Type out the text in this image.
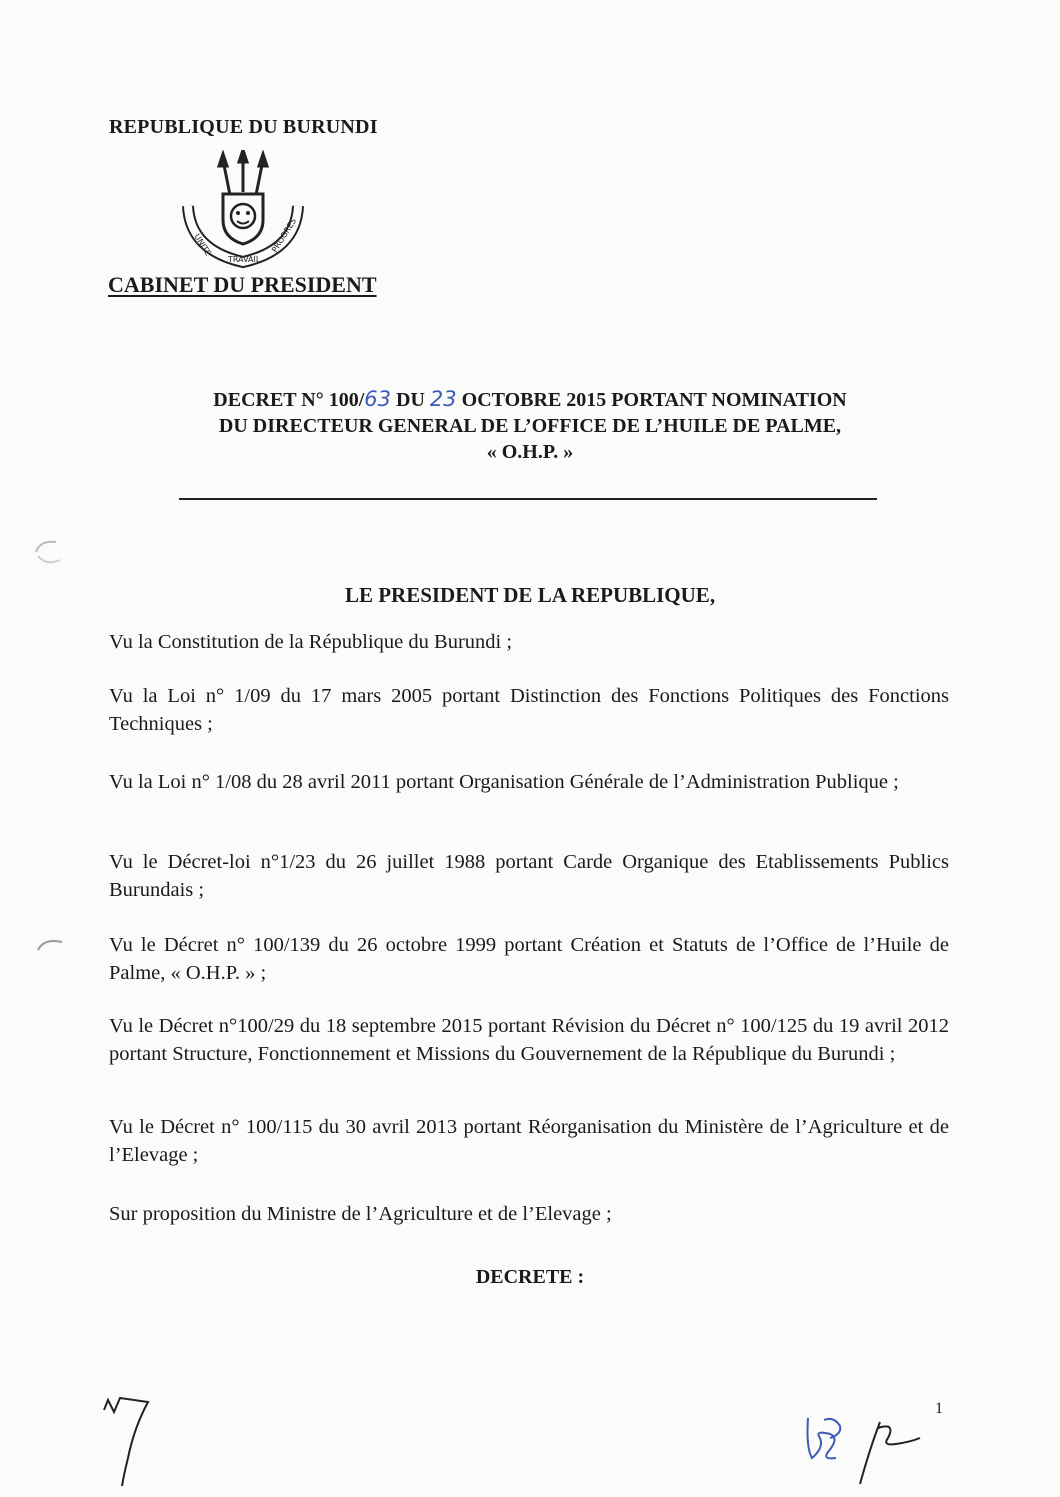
REPUBLIQUE DU BURUNDI
UNITE
TRAVAIL
PROGRES
CABINET DU PRESIDENT
DECRET N° 100/63 DU 23 OCTOBRE 2015 PORTANT NOMINATION
DU DIRECTEUR GENERAL DE L’OFFICE DE L’HUILE DE PALME,
« O.H.P. »
LE PRESIDENT DE LA REPUBLIQUE,
Vu la Constitution de la République du Burundi ;
Vu la Loi n° 1/09 du 17 mars 2005 portant Distinction des Fonctions Politiques des Fonctions Techniques ;
Vu la Loi n° 1/08 du 28 avril 2011 portant Organisation Générale de l’Administration Publique ;
Vu le Décret-loi n°1/23 du 26 juillet 1988 portant Carde Organique des Etablissements Publics Burundais ;
Vu le Décret n° 100/139 du 26 octobre 1999 portant Création et Statuts de l’Office de l’Huile de Palme, « O.H.P. » ;
Vu le Décret n°100/29 du 18 septembre 2015 portant Révision du Décret n° 100/125 du 19 avril 2012 portant Structure, Fonctionnement et Missions du Gouvernement de la République du Burundi ;
Vu le Décret n° 100/115 du 30 avril 2013 portant Réorganisation du Ministère de l’Agriculture et de l’Elevage ;
Sur proposition du Ministre de l’Agriculture et de l’Elevage ;
DECRETE :
1
